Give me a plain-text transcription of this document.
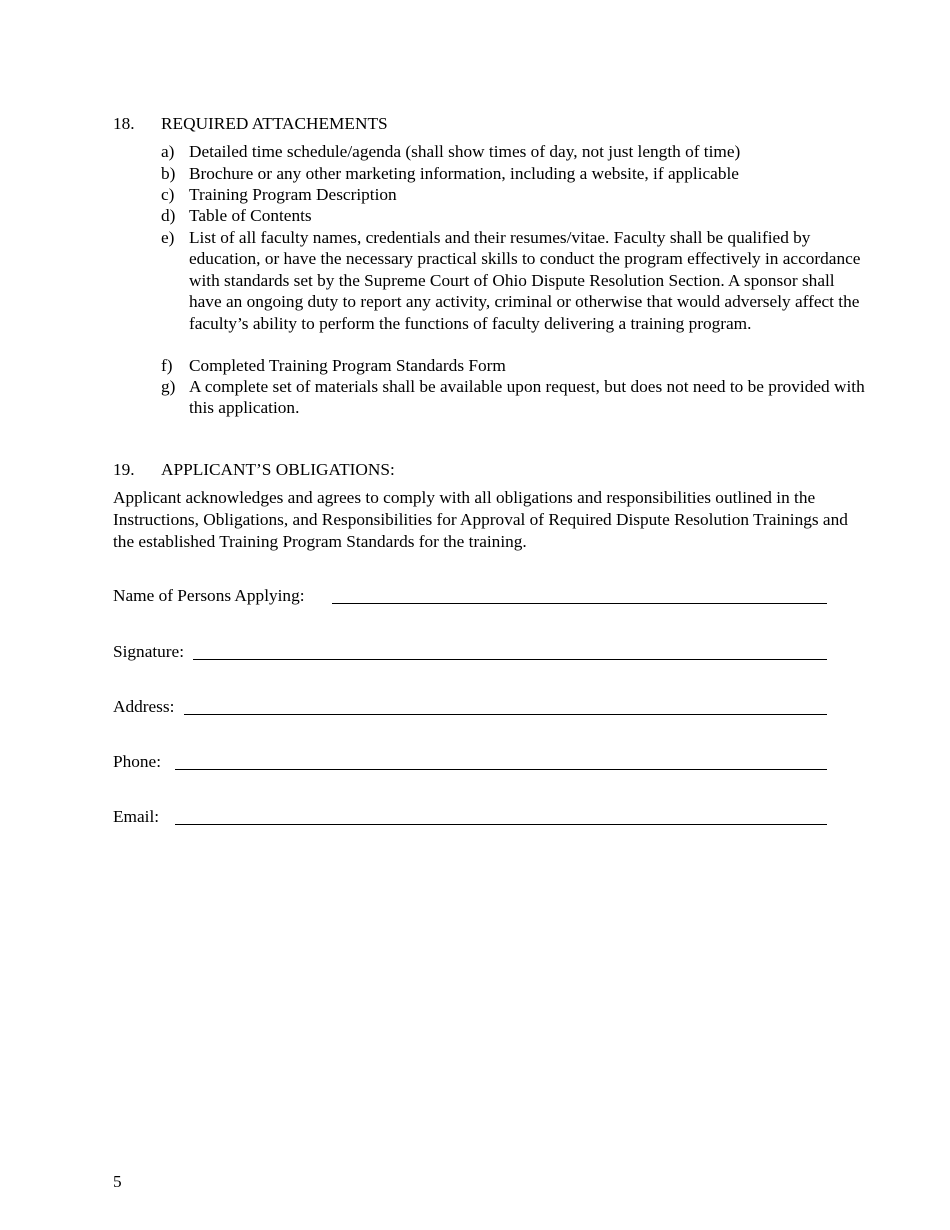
18. REQUIRED ATTACHEMENTS
a) Detailed time schedule/agenda (shall show times of day, not just length of time)
b) Brochure or any other marketing information, including a website, if applicable
c) Training Program Description
d) Table of Contents
e) List of all faculty names, credentials and their resumes/vitae. Faculty shall be qualified by education, or have the necessary practical skills to conduct the program effectively in accordance with standards set by the Supreme Court of Ohio Dispute Resolution Section. A sponsor shall have an ongoing duty to report any activity, criminal or otherwise that would adversely affect the faculty’s ability to perform the functions of faculty delivering a training program.
f) Completed Training Program Standards Form
g) A complete set of materials shall be available upon request, but does not need to be provided with this application.
19. APPLICANT’S OBLIGATIONS:
Applicant acknowledges and agrees to comply with all obligations and responsibilities outlined in the Instructions, Obligations, and Responsibilities for Approval of Required Dispute Resolution Trainings and the established Training Program Standards for the training.
Name of Persons Applying:
Signature:
Address:
Phone:
Email:
5
